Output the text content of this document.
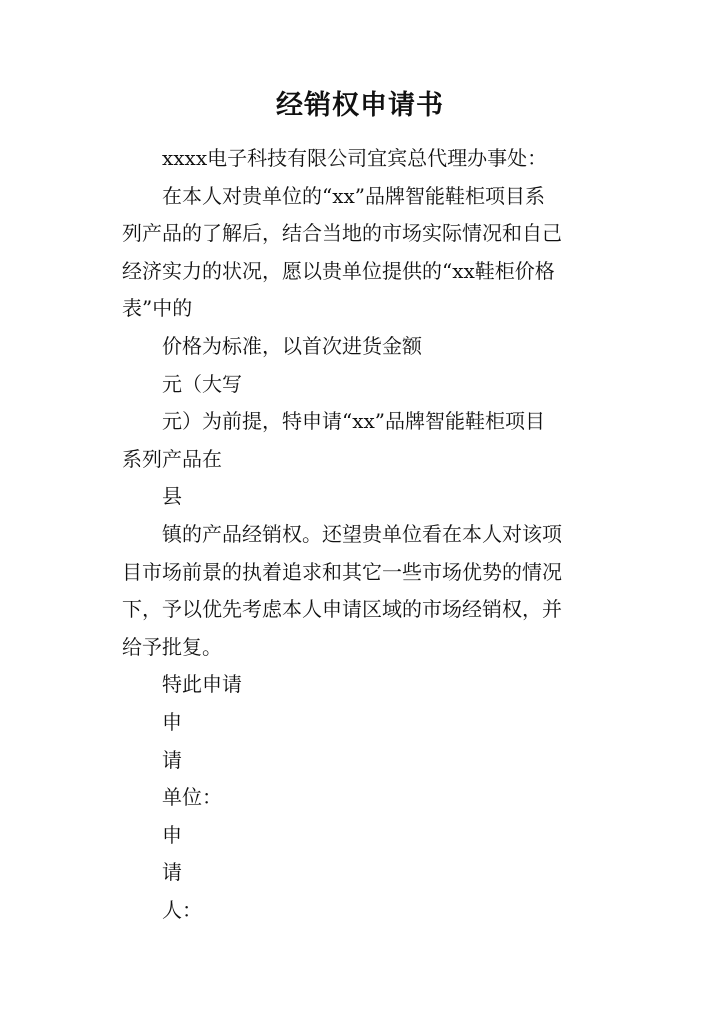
经销权申请书

xxxx电子科技有限公司宜宾总代理办事处：

在本人对贵单位的“xx”品牌智能鞋柜项目系

列产品的了解后，结合当地的市场实际情况和自己

经济实力的状况，愿以贵单位提供的“xx鞋柜价格

表”中的

价格为标准，以首次进货金额

元（大写

元）为前提，特申请“xx”品牌智能鞋柜项目

系列产品在

县

镇的产品经销权。还望贵单位看在本人对该项

目市场前景的执着追求和其它一些市场优势的情况

下，予以优先考虑本人申请区域的市场经销权，并

给予批复。

特此申请

申

请

单位：

申

请

人：
